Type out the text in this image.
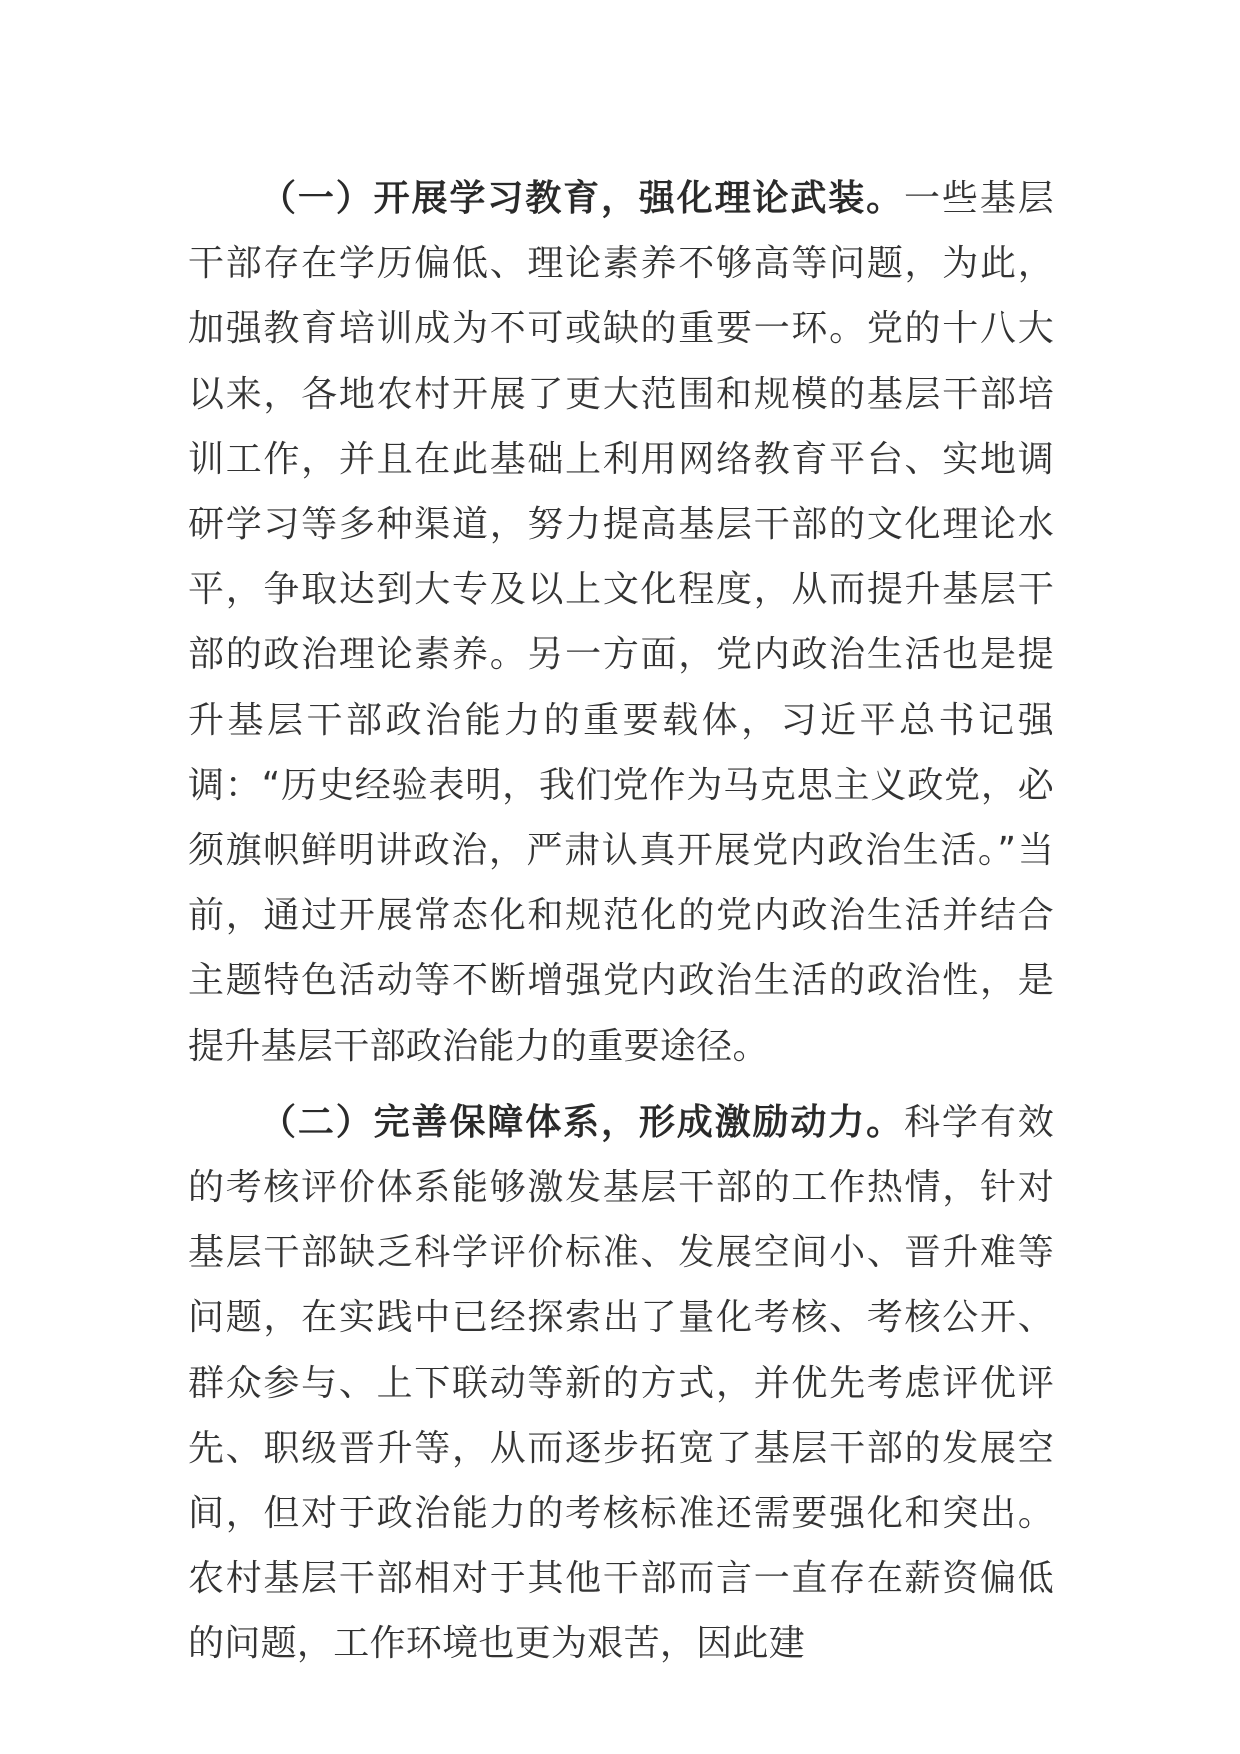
（一）开展学习教育，强化理论武装。一些基层干部存在学历偏低、理论素养不够高等问题，为此，加强教育培训成为不可或缺的重要一环。党的十八大以来，各地农村开展了更大范围和规模的基层干部培训工作，并且在此基础上利用网络教育平台、实地调研学习等多种渠道，努力提高基层干部的文化理论水平，争取达到大专及以上文化程度，从而提升基层干部的政治理论素养。另一方面，党内政治生活也是提升基层干部政治能力的重要载体，习近平总书记强调：“历史经验表明，我们党作为马克思主义政党，必须旗帜鲜明讲政治，严肃认真开展党内政治生活。”当前，通过开展常态化和规范化的党内政治生活并结合主题特色活动等不断增强党内政治生活的政治性，是提升基层干部政治能力的重要途径。

（二）完善保障体系，形成激励动力。科学有效的考核评价体系能够激发基层干部的工作热情，针对基层干部缺乏科学评价标准、发展空间小、晋升难等问题，在实践中已经探索出了量化考核、考核公开、群众参与、上下联动等新的方式，并优先考虑评优评先、职级晋升等，从而逐步拓宽了基层干部的发展空间，但对于政治能力的考核标准还需要强化和突出。农村基层干部相对于其他干部而言一直存在薪资偏低的问题，工作环境也更为艰苦，因此建
